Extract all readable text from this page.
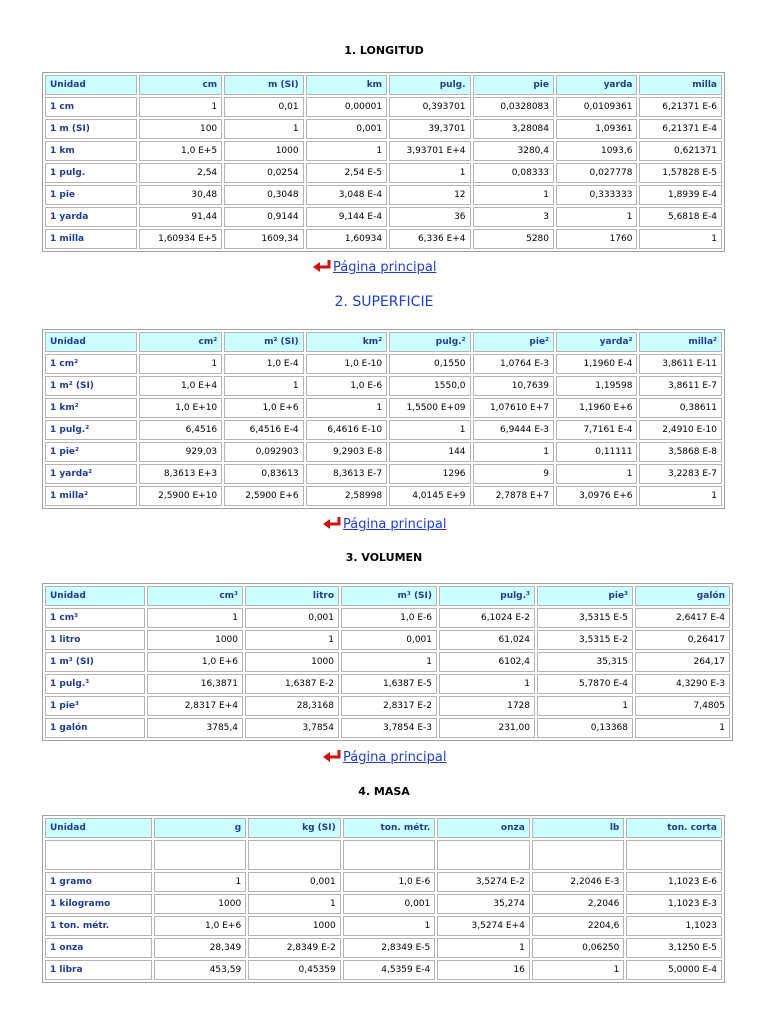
1. LONGITUD
Unidad	cm	m (SI)	km	pulg.	pie	yarda	milla
1 cm	1	0,01	0,00001	0,393701	0,0328083	0,0109361	6,21371 E-6
1 m (SI)	100	1	0,001	39,3701	3,28084	1,09361	6,21371 E-4
1 km	1,0 E+5	1000	1	3,93701 E+4	3280,4	1093,6	0,621371
1 pulg.	2,54	0,0254	2,54 E-5	1	0,08333	0,027778	1,57828 E-5
1 pie	30,48	0,3048	3,048 E-4	12	1	0,333333	1,8939 E-4
1 yarda	91,44	0,9144	9,144 E-4	36	3	1	5,6818 E-4
1 milla	1,60934 E+5	1609,34	1,60934	6,336 E+4	5280	1760	1
Página principal
2. SUPERFICIE
Unidad	cm²	m² (SI)	km²	pulg.²	pie²	yarda²	milla²
1 cm²	1	1,0 E-4	1,0 E-10	0,1550	1,0764 E-3	1,1960 E-4	3,8611 E-11
1 m² (SI)	1,0 E+4	1	1,0 E-6	1550,0	10,7639	1,19598	3,8611 E-7
1 km²	1,0 E+10	1,0 E+6	1	1,5500 E+09	1,07610 E+7	1,1960 E+6	0,38611
1 pulg.²	6,4516	6,4516 E-4	6,4616 E-10	1	6,9444 E-3	7,7161 E-4	2,4910 E-10
1 pie²	929,03	0,092903	9,2903 E-8	144	1	0,11111	3,5868 E-8
1 yarda²	8,3613 E+3	0,83613	8,3613 E-7	1296	9	1	3,2283 E-7
1 milla²	2,5900 E+10	2,5900 E+6	2,58998	4,0145 E+9	2,7878 E+7	3,0976 E+6	1
Página principal
3. VOLUMEN
Unidad	cm³	litro	m³ (SI)	pulg.³	pie³	galón
1 cm³	1	0,001	1,0 E-6	6,1024 E-2	3,5315 E-5	2,6417 E-4
1 litro	1000	1	0,001	61,024	3,5315 E-2	0,26417
1 m³ (SI)	1,0 E+6	1000	1	6102,4	35,315	264,17
1 pulg.³	16,3871	1,6387 E-2	1,6387 E-5	1	5,7870 E-4	4,3290 E-3
1 pie³	2,8317 E+4	28,3168	2,8317 E-2	1728	1	7,4805
1 galón	3785,4	3,7854	3,7854 E-3	231,00	0,13368	1
Página principal
4. MASA
Unidad	g	kg (SI)	ton. métr.	onza	lb	ton. corta

1 gramo	1	0,001	1,0 E-6	3,5274 E-2	2,2046 E-3	1,1023 E-6
1 kilogramo	1000	1	0,001	35,274	2,2046	1,1023 E-3
1 ton. métr.	1,0 E+6	1000	1	3,5274 E+4	2204,6	1,1023
1 onza	28,349	2,8349 E-2	2,8349 E-5	1	0,06250	3,1250 E-5
1 libra	453,59	0,45359	4,5359 E-4	16	1	5,0000 E-4
